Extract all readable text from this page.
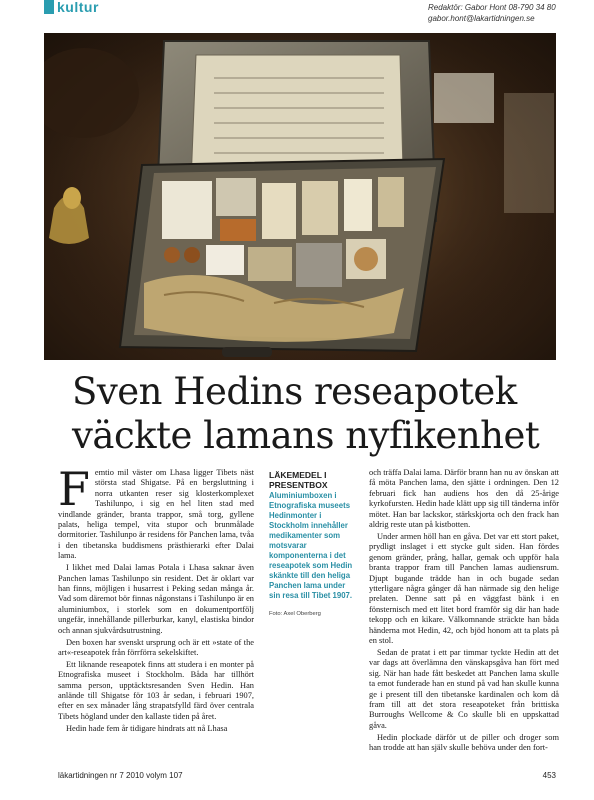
kultur	Redaktör: Gabor Hont 08-790 34 80
gabor.hont@lakartidningen.se
Sven Hedins reseapotek
väckte lamans nyfikenhet

Femtio mil väster om Lhasa ligger Tibets näst största stad Shigatse. På en bergsluttning i norra utkanten reser sig klosterkomplexet Tashilunpo, i sig en hel liten stad med vindlande gränder, branta trappor, små torg, gyllene palats, heliga tempel, vita stupor och brunmålade dormitorier. Tashilunpo är residens för Panchen lama, tvåa i den tibetanska buddismens prästhierarki efter Dalai lama.

I likhet med Dalai lamas Potala i Lhasa saknar även Panchen lamas Tashilunpo sin resident. Det är oklart var han finns, möjligen i husarrest i Peking sedan många år. Vad som däremot bör finnas någonstans i Tashilunpo är en aluminiumbox, i storlek som en dokumentportfölj ungefär, innehållande pillerburkar, kanyl, elastiska bindor och annan sjukvårdsutrustning.

Den boxen har svenskt ursprung och är ett »state of the art«-reseapotek från förrförra sekelskiftet.

Ett liknande reseapotek finns att studera i en monter på Etnografiska museet i Stockholm. Båda har tillhört samma person, upptäcktsresanden Sven Hedin. Han anlände till Shigatse för 103 år sedan, i februari 1907, efter en sex månader lång strapatsfylld färd över centrala Tibets högland under den kallaste tiden på året.

Hedin hade fem år tidigare hindrats att nå Lhasa

LÄKEMEDEL I PRESENTBOX
Aluminiumboxen i Etnografiska museets Hedinmonter i Stockholm innehåller medikamenter som motsvarar komponenterna i det reseapotek som Hedin skänkte till den heliga Panchen lama under sin resa till Tibet 1907.
Foto: Axel Oberberg

och träffa Dalai lama. Därför brann han nu av önskan att få möta Panchen lama, den sjätte i ordningen. Den 12 februari fick han audiens hos den då 25-årige kyrkofursten. Hedin hade klätt upp sig till tänderna inför mötet. Han bar lackskor, stärkskjorta och den frack han aldrig reste utan på kistbotten.

Under armen höll han en gåva. Det var ett stort paket, prydligt inslaget i ett stycke gult siden. Han fördes genom gränder, prång, hallar, gemak och uppför hala branta trappor fram till Panchen lamas audiensrum. Djupt bugande trädde han in och bugade sedan ytterligare några gånger då han närmade sig den helige prelaten. Denne satt på en väggfast bänk i en fönsternisch med ett litet bord framför sig där han hade tekopp och en kikare. Välkomnande sträckte han båda händerna mot Hedin, 42, och bjöd honom att ta plats på en stol.

Sedan de pratat i ett par timmar tyckte Hedin att det var dags att överlämna den vänskapsgåva han fört med sig. När han hade fått beskedet att Panchen lama skulle ta emot funderade han en stund på vad han skulle kunna ge i present till den tibetanske kardinalen och kom då fram till att det stora reseapoteket från brittiska Burroughs Wellcome & Co skulle bli en uppskattad gåva.

Hedin plockade därför ut de piller och droger som han trodde att han själv skulle behöva under den fort-

läkartidningen nr 7 2010 volym 107	453
